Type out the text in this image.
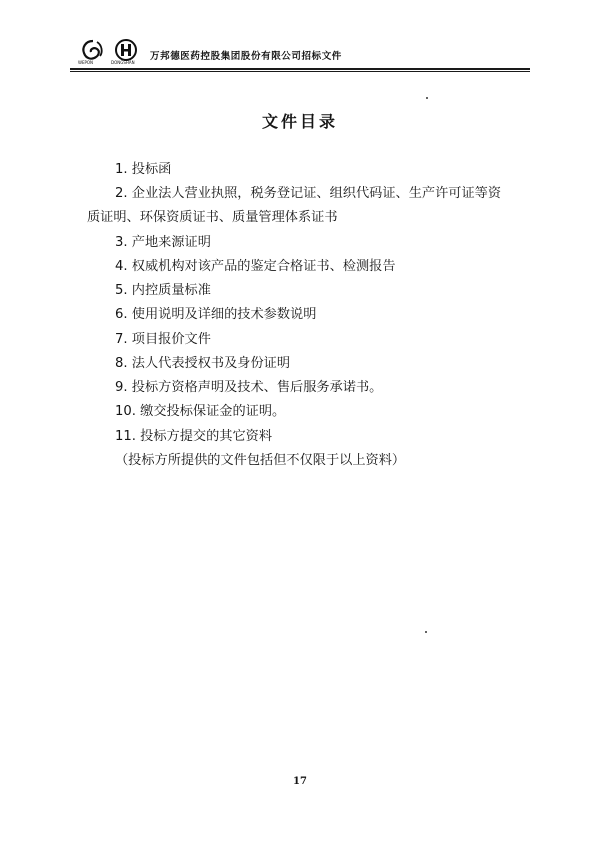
WEPON	DONGSHAN
万邦德医药控股集团股份有限公司招标文件
文件目录
1. 投标函
2. 企业法人营业执照，税务登记证、组织代码证、生产许可证等资
质证明、环保资质证书、质量管理体系证书
3. 产地来源证明
4. 权威机构对该产品的鉴定合格证书、检测报告
5. 内控质量标准
6. 使用说明及详细的技术参数说明
7. 项目报价文件
8. 法人代表授权书及身份证明
9. 投标方资格声明及技术、售后服务承诺书。
10. 缴交投标保证金的证明。
11. 投标方提交的其它资料
（投标方所提供的文件包括但不仅限于以上资料）
17
